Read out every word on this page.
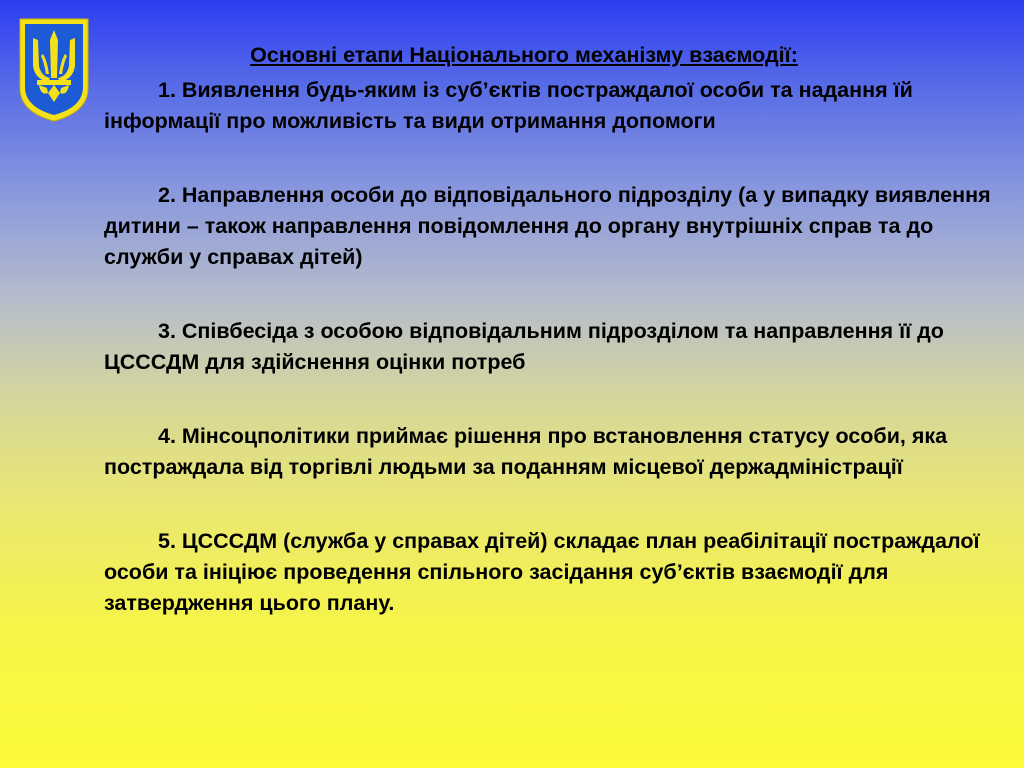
Основні етапи Національного механізму взаємодії:

1. Виявлення будь-яким із суб’єктів постраждалої особи та надання їй інформації про можливість та види отримання допомоги

2. Направлення особи до відповідального підрозділу (а у випадку виявлення дитини – також направлення повідомлення до органу внутрішніх справ та до служби у справах дітей)

3. Співбесіда з особою відповідальним підрозділом та направлення її до ЦСССДМ для здійснення оцінки потреб

4. Мінсоцполітики приймає рішення про встановлення статусу особи, яка постраждала від торгівлі людьми за поданням місцевої держадміністрації

5. ЦСССДМ (служба у справах дітей) складає план реабілітації постраждалої особи та ініціює проведення спільного засідання суб’єктів взаємодії для затвердження цього плану.
